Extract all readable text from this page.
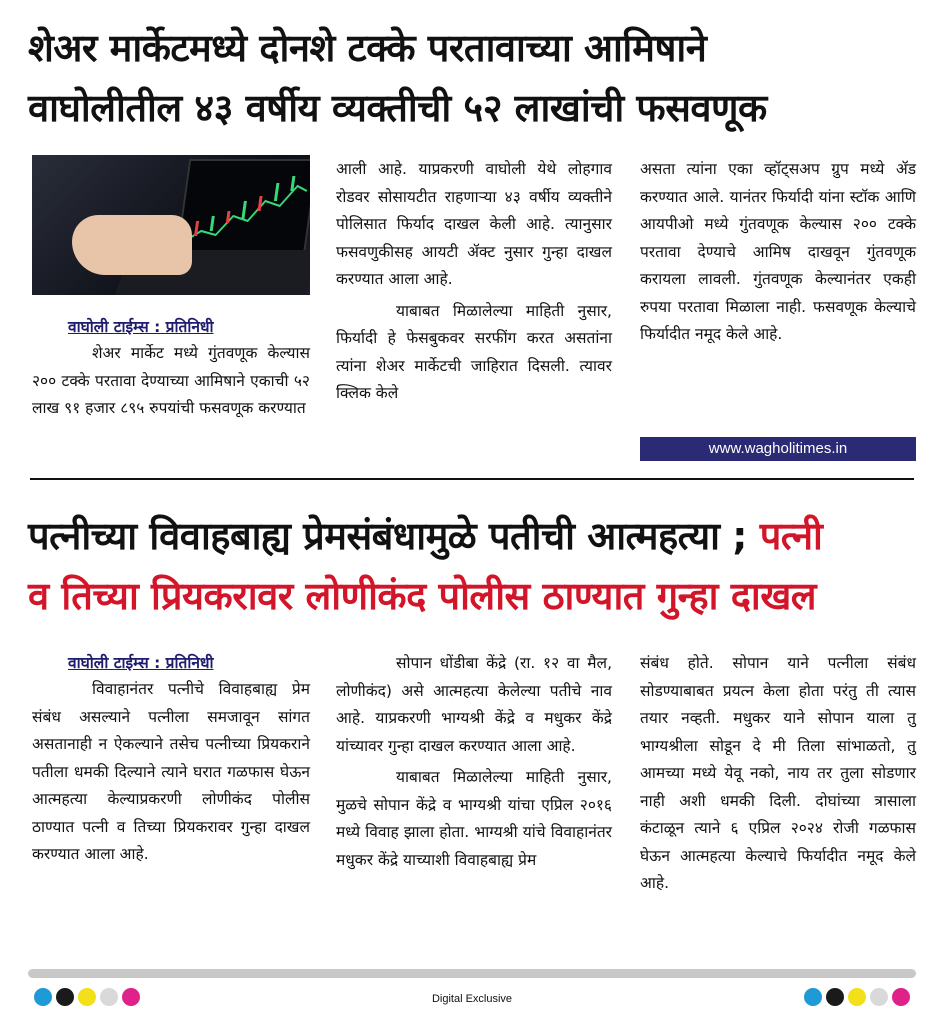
शेअर मार्केटमध्ये दोनशे टक्के परतावाच्या आमिषाने
वाघोलीतील ४३ वर्षीय व्यक्तीची ५२ लाखांची फसवणूक
वाघोली टाईम्स : प्रतिनिधी

शेअर मार्केट मध्ये गुंतवणूक केल्यास २०० टक्के परतावा देण्याच्या आमिषाने एकाची ५२ लाख ९१ हजार ८९५ रुपयांची फसवणूक करण्यात

आली आहे. याप्रकरणी वाघोली येथे लोहगाव रोडवर सोसायटीत राहणाऱ्या ४३ वर्षीय व्यक्तीने पोलिसात फिर्याद दाखल केली आहे. त्यानुसार फसवणुकीसह आयटी ॲक्ट नुसार गुन्हा दाखल करण्यात आला आहे.

याबाबत मिळालेल्या माहिती नुसार, फिर्यादी हे फेसबुकवर सरफींग करत असतांना त्यांना शेअर मार्केटची जाहिरात दिसली. त्यावर क्लिक केले

असता त्यांना एका व्हॉट्सअप ग्रुप मध्ये ॲड करण्यात आले. यानंतर फिर्यादी यांना स्टॉक आणि आयपीओ मध्ये गुंतवणूक केल्यास २०० टक्के परतावा देण्याचे आमिष दाखवून गुंतवणूक करायला लावली. गुंतवणूक केल्यानंतर एकही रुपया परतावा मिळाला नाही. फसवणूक केल्याचे फिर्यादीत नमूद केले आहे.

www.wagholitimes.in
पत्नीच्या विवाहबाह्य प्रेमसंबंधामुळे पतीची आत्महत्या ; पत्नी
व तिच्या प्रियकरावर लोणीकंद पोलीस ठाण्यात गुन्हा दाखल
वाघोली टाईम्स : प्रतिनिधी

विवाहानंतर पत्नीचे विवाहबाह्य प्रेम संबंध असल्याने पत्नीला समजावून सांगत असतानाही न ऐकल्याने तसेच पत्नीच्या प्रियकराने पतीला धमकी दिल्याने त्याने घरात गळफास घेऊन आत्महत्या केल्याप्रकरणी लोणीकंद पोलीस ठाण्यात पत्नी व तिच्या प्रियकरावर गुन्हा दाखल करण्यात आला आहे.

सोपान धोंडीबा केंद्रे (रा. १२ वा मैल, लोणीकंद) असे आत्महत्या केलेल्या पतीचे नाव आहे. याप्रकरणी भाग्यश्री केंद्रे व मधुकर केंद्रे यांच्यावर गुन्हा दाखल करण्यात आला आहे.

याबाबत मिळालेल्या माहिती नुसार, मुळचे सोपान केंद्रे व भाग्यश्री यांचा एप्रिल २०१६ मध्ये विवाह झाला होता. भाग्यश्री यांचे विवाहानंतर मधुकर केंद्रे याच्याशी विवाहबाह्य प्रेम

संबंध होते. सोपान याने पत्नीला संबंध सोडण्याबाबत प्रयत्न केला होता परंतु ती त्यास तयार नव्हती. मधुकर याने सोपान याला तु भाग्यश्रीला सोडून दे मी तिला सांभाळतो, तु आमच्या मध्ये येवू नको, नाय तर तुला सोडणार नाही अशी धमकी दिली. दोघांच्या त्रासाला कंटाळून त्याने ६ एप्रिल २०२४ रोजी गळफास घेऊन आत्महत्या केल्याचे फिर्यादीत नमूद केले आहे.

Digital Exclusive
